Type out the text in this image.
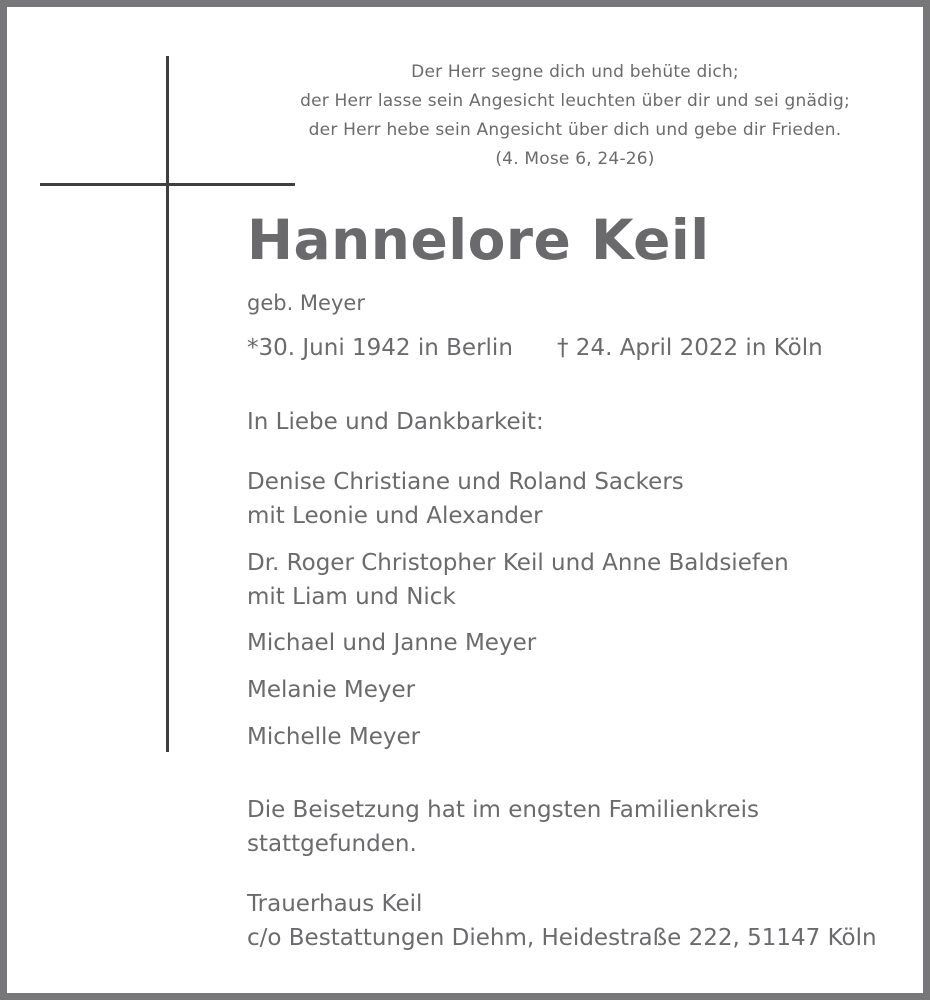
Der Herr segne dich und behüte dich;
der Herr lasse sein Angesicht leuchten über dir und sei gnädig;
der Herr hebe sein Angesicht über dich und gebe dir Frieden.
(4. Mose 6, 24-26)
Hannelore Keil
geb. Meyer
*30. Juni 1942 in Berlin † 24. April 2022 in Köln
In Liebe und Dankbarkeit:
Denise Christiane und Roland Sackers
mit Leonie und Alexander
Dr. Roger Christopher Keil und Anne Baldsiefen
mit Liam und Nick
Michael und Janne Meyer
Melanie Meyer
Michelle Meyer
Die Beisetzung hat im engsten Familienkreis
stattgefunden.
Trauerhaus Keil
c/o Bestattungen Diehm, Heidestraße 222, 51147 Köln
